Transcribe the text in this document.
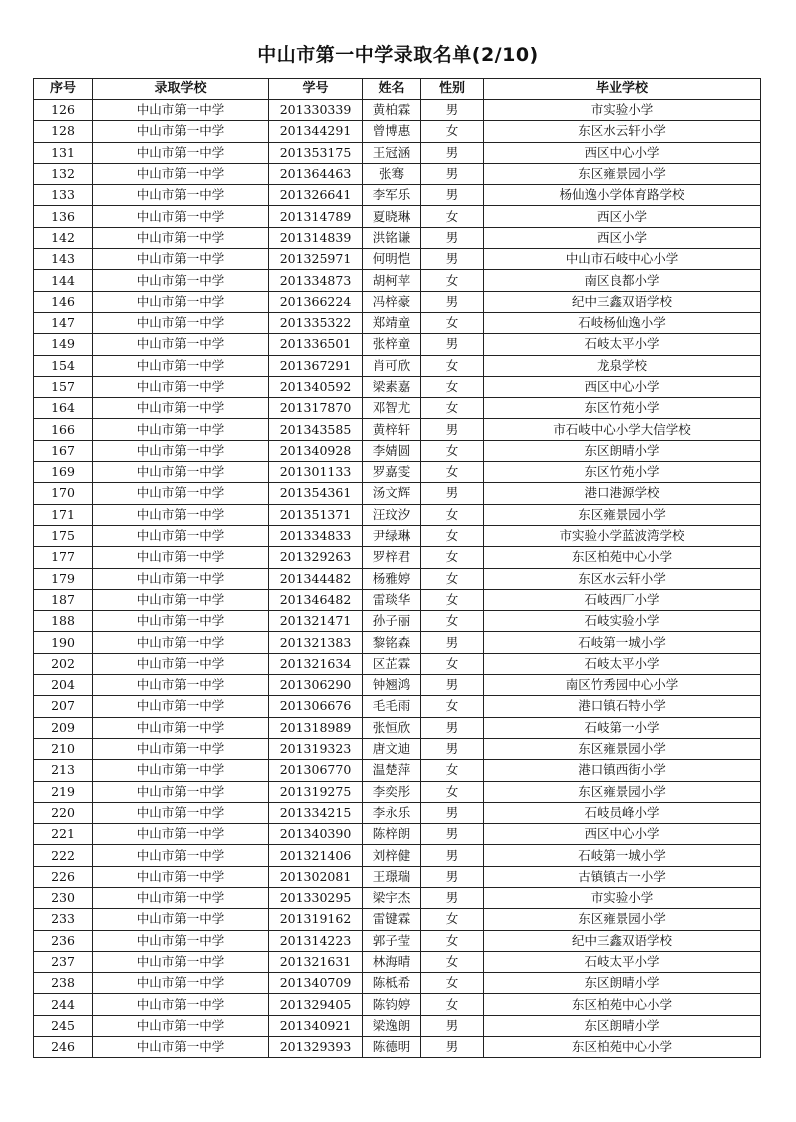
中山市第一中学录取名单(2/10)
序号	录取学校	学号	姓名	性别	毕业学校
126	中山市第一中学	201330339	黄柏霖	男	市实验小学
128	中山市第一中学	201344291	曾博惠	女	东区水云轩小学
131	中山市第一中学	201353175	王冠涵	男	西区中心小学
132	中山市第一中学	201364463	张骞	男	东区雍景园小学
133	中山市第一中学	201326641	李军乐	男	杨仙逸小学体育路学校
136	中山市第一中学	201314789	夏晓琳	女	西区小学
142	中山市第一中学	201314839	洪铭谦	男	西区小学
143	中山市第一中学	201325971	何明恺	男	中山市石岐中心小学
144	中山市第一中学	201334873	胡柯苹	女	南区良都小学
146	中山市第一中学	201366224	冯梓豪	男	纪中三鑫双语学校
147	中山市第一中学	201335322	郑靖童	女	石岐杨仙逸小学
149	中山市第一中学	201336501	张梓童	男	石岐太平小学
154	中山市第一中学	201367291	肖可欣	女	龙泉学校
157	中山市第一中学	201340592	梁素嘉	女	西区中心小学
164	中山市第一中学	201317870	邓智尤	女	东区竹苑小学
166	中山市第一中学	201343585	黄梓轩	男	市石岐中心小学大信学校
167	中山市第一中学	201340928	李婧圆	女	东区朗晴小学
169	中山市第一中学	201301133	罗嘉雯	女	东区竹苑小学
170	中山市第一中学	201354361	汤文辉	男	港口港源学校
171	中山市第一中学	201351371	汪玟汐	女	东区雍景园小学
175	中山市第一中学	201334833	尹绿琳	女	市实验小学蓝波湾学校
177	中山市第一中学	201329263	罗梓君	女	东区柏苑中心小学
179	中山市第一中学	201344482	杨雅婷	女	东区水云轩小学
187	中山市第一中学	201346482	雷琰华	女	石岐西厂小学
188	中山市第一中学	201321471	孙子丽	女	石岐实验小学
190	中山市第一中学	201321383	黎铭森	男	石岐第一城小学
202	中山市第一中学	201321634	区芷霖	女	石岐太平小学
204	中山市第一中学	201306290	钟翘鸿	男	南区竹秀园中心小学
207	中山市第一中学	201306676	毛毛雨	女	港口镇石特小学
209	中山市第一中学	201318989	张恒欣	男	石岐第一小学
210	中山市第一中学	201319323	唐文迪	男	东区雍景园小学
213	中山市第一中学	201306770	温楚萍	女	港口镇西街小学
219	中山市第一中学	201319275	李奕彤	女	东区雍景园小学
220	中山市第一中学	201334215	李永乐	男	石岐员峰小学
221	中山市第一中学	201340390	陈梓朗	男	西区中心小学
222	中山市第一中学	201321406	刘梓健	男	石岐第一城小学
226	中山市第一中学	201302081	王璟瑞	男	古镇镇古一小学
230	中山市第一中学	201330295	梁宇杰	男	市实验小学
233	中山市第一中学	201319162	雷键霖	女	东区雍景园小学
236	中山市第一中学	201314223	郭子莹	女	纪中三鑫双语学校
237	中山市第一中学	201321631	林海晴	女	石岐太平小学
238	中山市第一中学	201340709	陈柢希	女	东区朗晴小学
244	中山市第一中学	201329405	陈钧婷	女	东区柏苑中心小学
245	中山市第一中学	201340921	梁逸朗	男	东区朗晴小学
246	中山市第一中学	201329393	陈德明	男	东区柏苑中心小学
